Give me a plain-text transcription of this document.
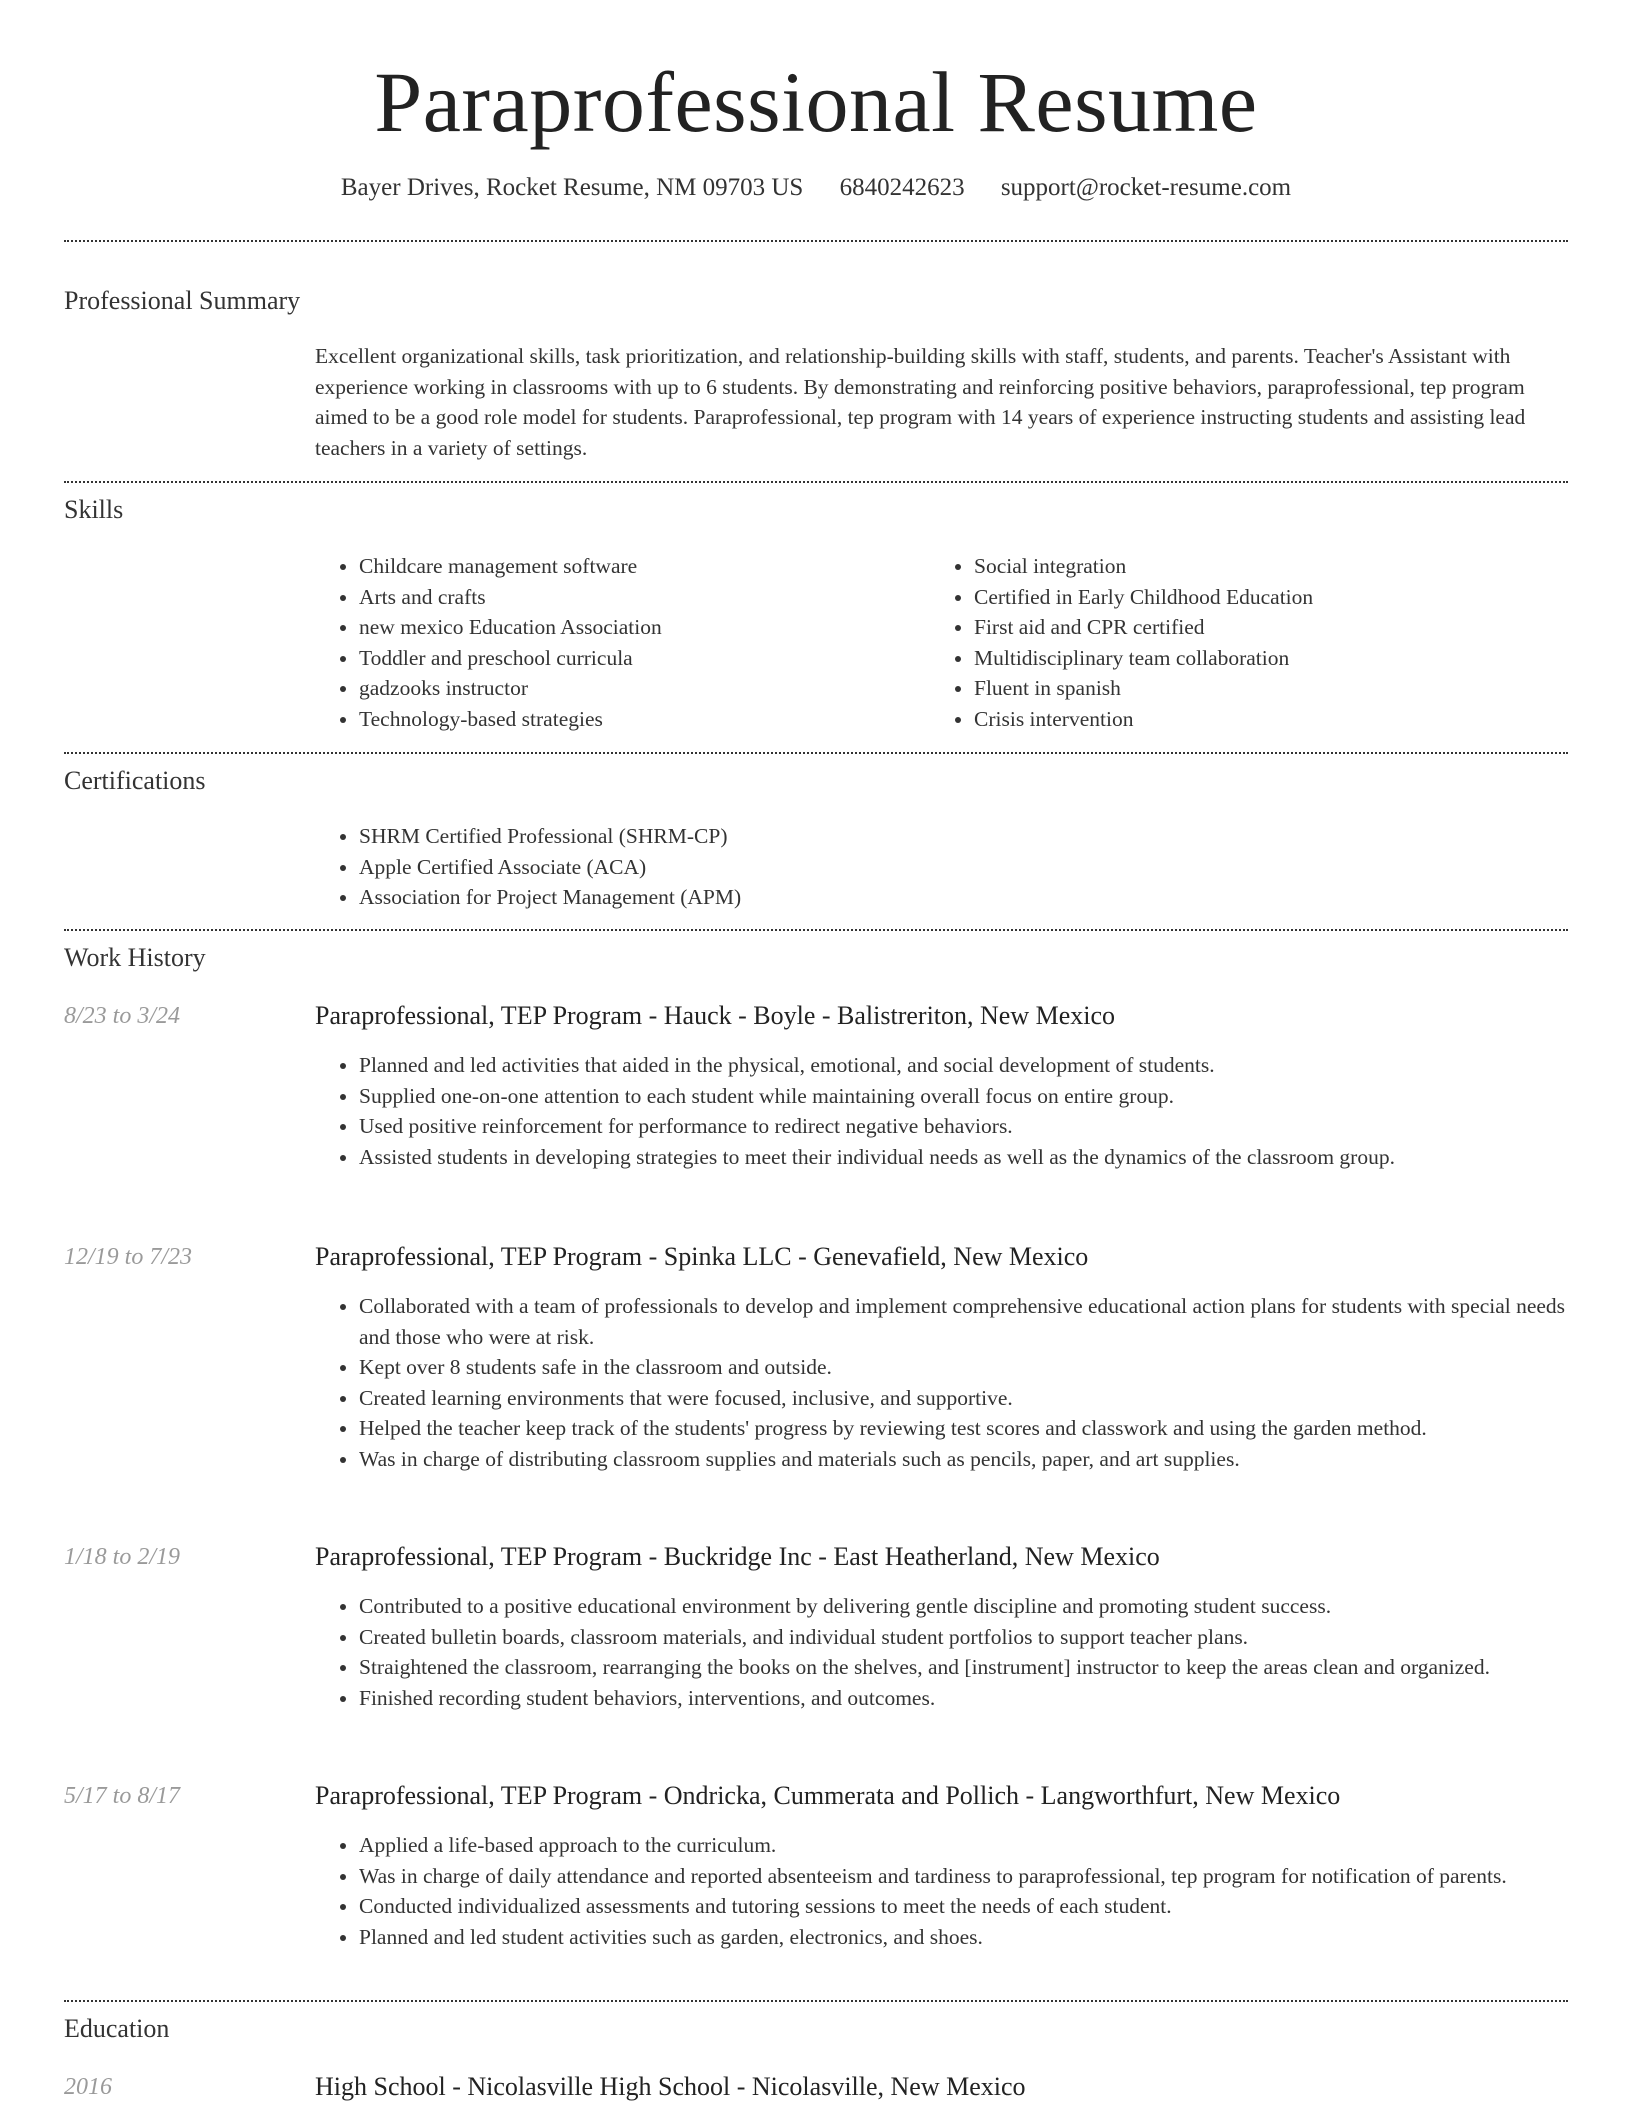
Paraprofessional Resume
Bayer Drives, Rocket Resume, NM 09703 US 6840242623 support@rocket-resume.com
Professional Summary
Excellent organizational skills, task prioritization, and relationship-building skills with staff, students, and parents. Teacher's Assistant with experience working in classrooms with up to 6 students. By demonstrating and reinforcing positive behaviors, paraprofessional, tep program aimed to be a good role model for students. Paraprofessional, tep program with 14 years of experience instructing students and assisting lead teachers in a variety of settings.
Skills
• Childcare management software
• Arts and crafts
• new mexico Education Association
• Toddler and preschool curricula
• gadzooks instructor
• Technology-based strategies
• Social integration
• Certified in Early Childhood Education
• First aid and CPR certified
• Multidisciplinary team collaboration
• Fluent in spanish
• Crisis intervention
Certifications
• SHRM Certified Professional (SHRM-CP)
• Apple Certified Associate (ACA)
• Association for Project Management (APM)
Work History
8/23 to 3/24	Paraprofessional, TEP Program - Hauck - Boyle - Balistreriton, New Mexico
• Planned and led activities that aided in the physical, emotional, and social development of students.
• Supplied one-on-one attention to each student while maintaining overall focus on entire group.
• Used positive reinforcement for performance to redirect negative behaviors.
• Assisted students in developing strategies to meet their individual needs as well as the dynamics of the classroom group.
12/19 to 7/23	Paraprofessional, TEP Program - Spinka LLC - Genevafield, New Mexico
• Collaborated with a team of professionals to develop and implement comprehensive educational action plans for students with special needs and those who were at risk.
• Kept over 8 students safe in the classroom and outside.
• Created learning environments that were focused, inclusive, and supportive.
• Helped the teacher keep track of the students' progress by reviewing test scores and classwork and using the garden method.
• Was in charge of distributing classroom supplies and materials such as pencils, paper, and art supplies.
1/18 to 2/19	Paraprofessional, TEP Program - Buckridge Inc - East Heatherland, New Mexico
• Contributed to a positive educational environment by delivering gentle discipline and promoting student success.
• Created bulletin boards, classroom materials, and individual student portfolios to support teacher plans.
• Straightened the classroom, rearranging the books on the shelves, and [instrument] instructor to keep the areas clean and organized.
• Finished recording student behaviors, interventions, and outcomes.
5/17 to 8/17	Paraprofessional, TEP Program - Ondricka, Cummerata and Pollich - Langworthfurt, New Mexico
• Applied a life-based approach to the curriculum.
• Was in charge of daily attendance and reported absenteeism and tardiness to paraprofessional, tep program for notification of parents.
• Conducted individualized assessments and tutoring sessions to meet the needs of each student.
• Planned and led student activities such as garden, electronics, and shoes.
Education
2016	High School - Nicolasville High School - Nicolasville, New Mexico
